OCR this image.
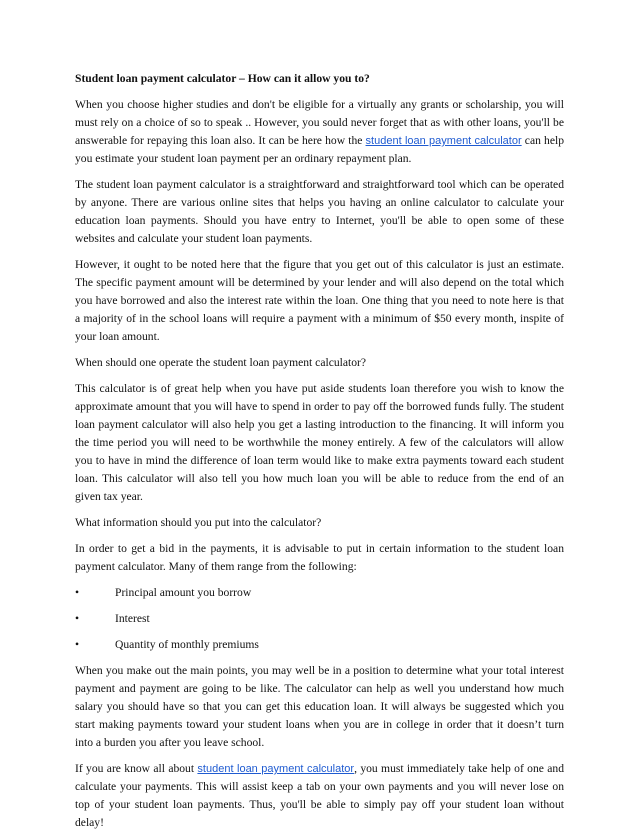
Student loan payment calculator – How can it allow you to?

When you choose higher studies and don't be eligible for a virtually any grants or scholarship, you will must rely on a choice of so to speak .. However, you sould never forget that as with other loans, you'll be answerable for repaying this loan also. It can be here how the student loan payment calculator can help you estimate your student loan payment per an ordinary repayment plan.

The student loan payment calculator is a straightforward and straightforward tool which can be operated by anyone. There are various online sites that helps you having an online calculator to calculate your education loan payments. Should you have entry to Internet, you'll be able to open some of these websites and calculate your student loan payments.

However, it ought to be noted here that the figure that you get out of this calculator is just an estimate. The specific payment amount will be determined by your lender and will also depend on the total which you have borrowed and also the interest rate within the loan. One thing that you need to note here is that a majority of in the school loans will require a payment with a minimum of $50 every month, inspite of your loan amount.

When should one operate the student loan payment calculator?

This calculator is of great help when you have put aside students loan therefore you wish to know the approximate amount that you will have to spend in order to pay off the borrowed funds fully. The student loan payment calculator will also help you get a lasting introduction to the financing. It will inform you the time period you will need to be worthwhile the money entirely. A few of the calculators will allow you to have in mind the difference of loan term would like to make extra payments toward each student loan. This calculator will also tell you how much loan you will be able to reduce from the end of an given tax year.

What information should you put into the calculator?

In order to get a bid in the payments, it is advisable to put in certain information to the student loan payment calculator. Many of them range from the following:

•	Principal amount you borrow
•	Interest
•	Quantity of monthly premiums

When you make out the main points, you may well be in a position to determine what your total interest payment and payment are going to be like. The calculator can help as well you understand how much salary you should have so that you can get this education loan. It will always be suggested which you start making payments toward your student loans when you are in college in order that it doesn’t turn into a burden you after you leave school.

If you are know all about student loan payment calculator, you must immediately take help of one and calculate your payments. This will assist keep a tab on your own payments and you will never lose on top of your student loan payments. Thus, you'll be able to simply pay off your student loan without delay!
